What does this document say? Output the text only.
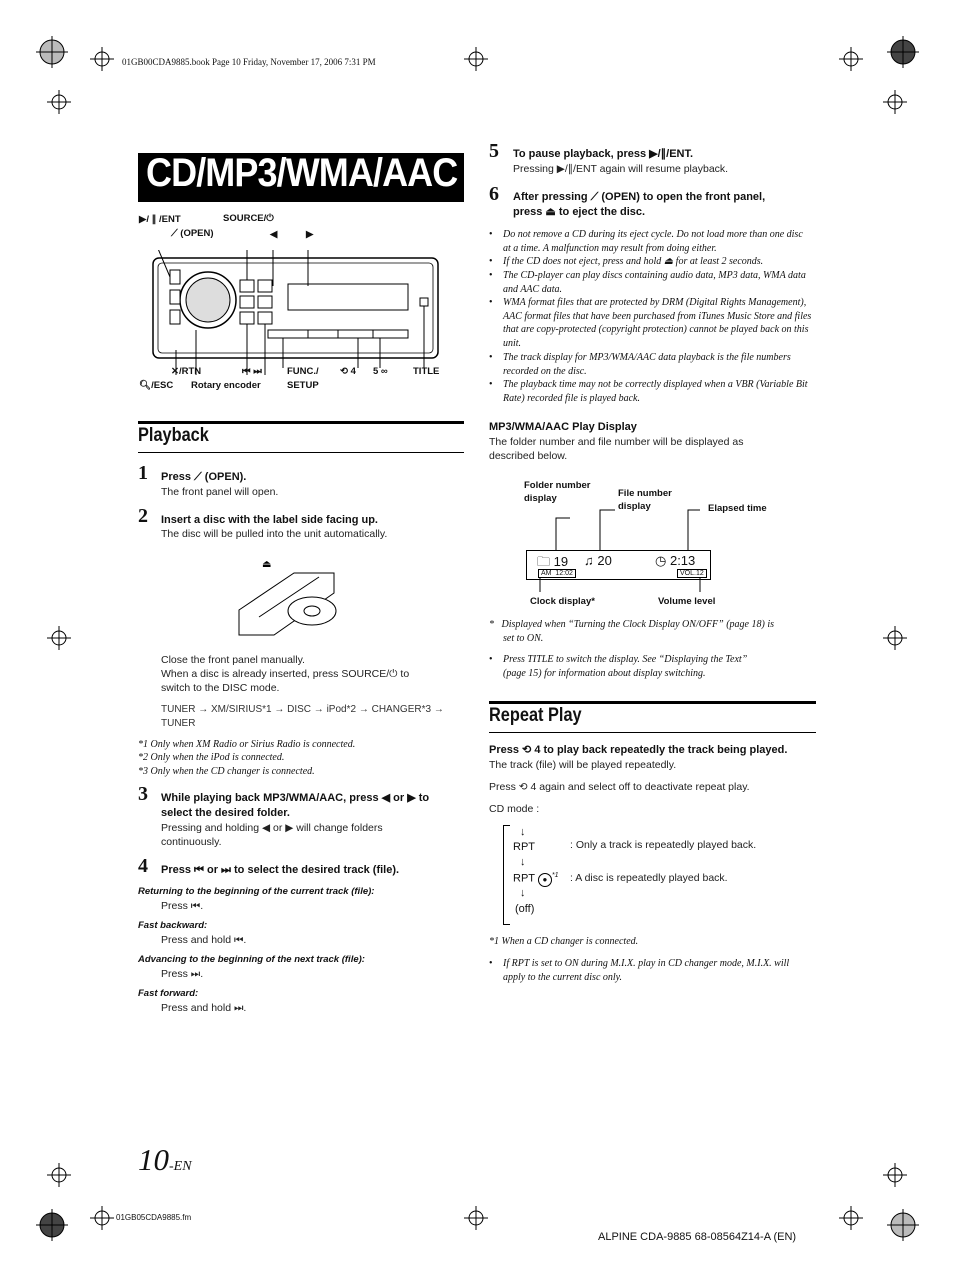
01GB00CDA9885.book Page 10 Friday, November 17, 2006 7:31 PM
CD/MP3/WMA/AAC
▶/ ∥ /ENT
⟋ (OPEN)
SOURCE/⏻
◀	▶
✕/RTN
🔍︎/ESC Rotary encoder
⏮ ⏭	FUNC./
SETUP
⟲ 4 5 ∞	TITLE
Playback
1 Press ⟋ (OPEN).
The front panel will open.
2 Insert a disc with the label side facing up.
The disc will be pulled into the unit automatically.
⏏
Close the front panel manually.
When a disc is already inserted, press SOURCE/⏻ to
switch to the DISC mode.
TUNER → XM/SIRIUS*1 → DISC → iPod*2 → CHANGER*3 →
TUNER
*1 Only when XM Radio or Sirius Radio is connected.
*2 Only when the iPod is connected.
*3 Only when the CD changer is connected.
3 While playing back MP3/WMA/AAC, press ◀ or ▶ to
select the desired folder.
Pressing and holding ◀ or ▶ will change folders
continuously.
4 Press ⏮ or ⏭ to select the desired track (file).
Returning to the beginning of the current track (file):
Press ⏮.
Fast backward:
Press and hold ⏮.
Advancing to the beginning of the next track (file):
Press ⏭.
Fast forward:
Press and hold ⏭.
5 To pause playback, press ▶/∥/ENT.
Pressing ▶/∥/ENT again will resume playback.
6 After pressing ⟋ (OPEN) to open the front panel,
press ⏏ to eject the disc.
• Do not remove a CD during its eject cycle. Do not load more than one disc at a time. A malfunction may result from doing either.
• If the CD does not eject, press and hold ⏏ for at least 2 seconds.
• The CD-player can play discs containing audio data, MP3 data, WMA data and AAC data.
• WMA format files that are protected by DRM (Digital Rights Management), AAC format files that have been purchased from iTunes Music Store and files that are copy-protected (copyright protection) cannot be played back on this unit.
• The track display for MP3/WMA/AAC data playback is the file numbers recorded on the disc.
• The playback time may not be correctly displayed when a VBR (Variable Bit Rate) recorded file is played back.
MP3/WMA/AAC Play Display
The folder number and file number will be displayed as
described below.
Folder number
display	File number
display	Elapsed time
🗀 19 ♫ 20	◷ 2:13
AM 12:02	VOL.12
Clock display*	Volume level
*   Displayed when “Turning the Clock Display ON/OFF” (page 18) is
set to ON.
• Press TITLE to switch the display. See “Displaying the Text”
(page 15) for information about display switching.
Repeat Play
Press ⟲ 4 to play back repeatedly the track being played.
The track (file) will be played repeatedly.
Press ⟲ 4 again and select off to deactivate repeat play.
CD mode :
↓
RPT	: Only a track is repeatedly played back.
↓
RPT ● $^{*1}$ : A disc is repeatedly played back.
↓
(off)
*1 When a CD changer is connected.
• If RPT is set to ON during M.I.X. play in CD changer mode, M.I.X. will apply to the current disc only.
10-EN
01GB05CDA9885.fm
ALPINE CDA-9885 68-08564Z14-A (EN)
